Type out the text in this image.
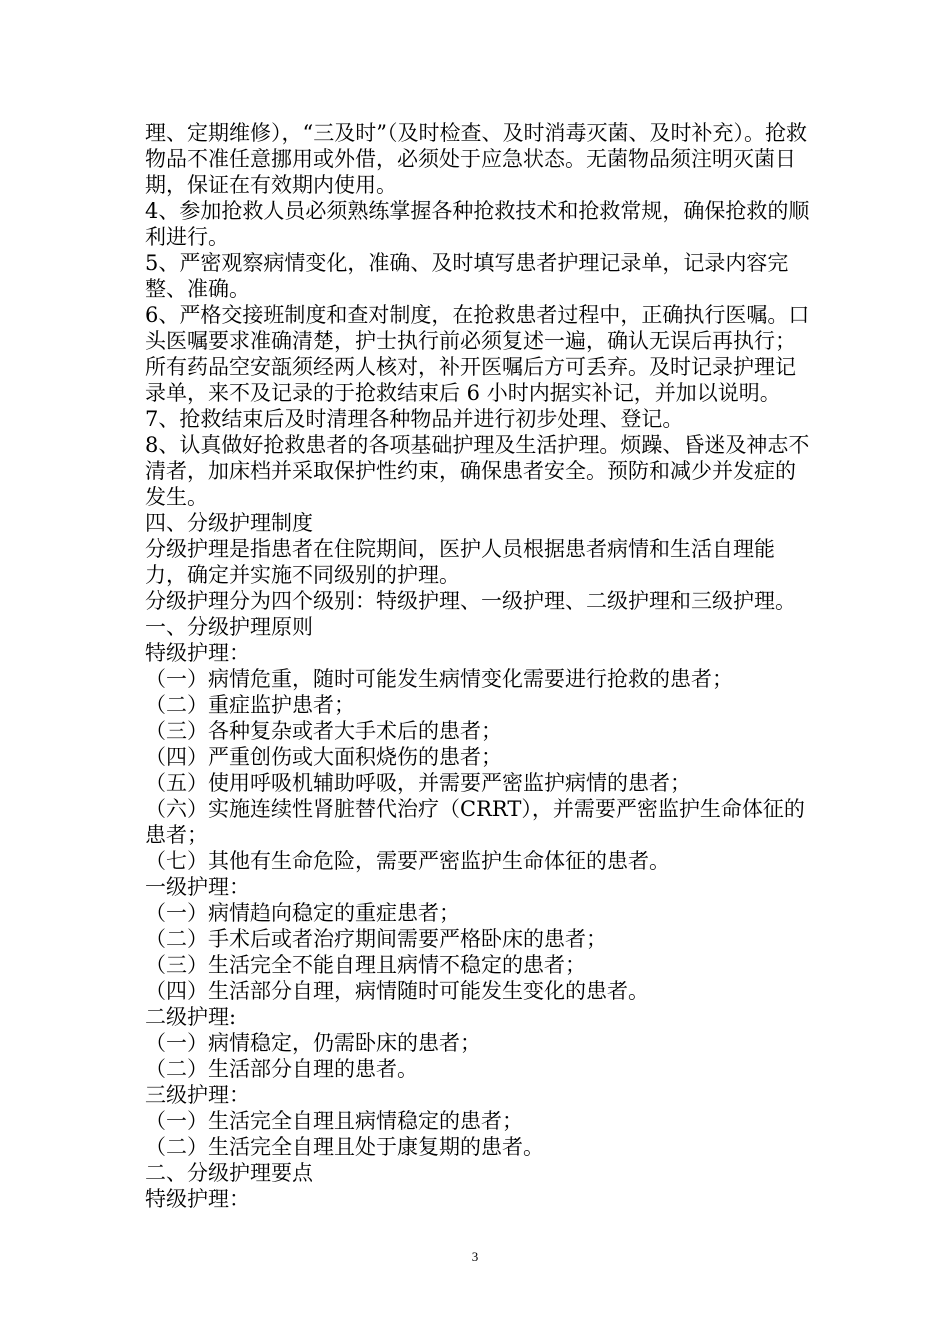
理、定期维修），“三及时”（及时检查、及时消毒灭菌、及时补充）。抢救物品不准任意挪用或外借，必须处于应急状态。无菌物品须注明灭菌日期，保证在有效期内使用。

4、参加抢救人员必须熟练掌握各种抢救技术和抢救常规，确保抢救的顺利进行。

5、严密观察病情变化，准确、及时填写患者护理记录单，记录内容完整、准确。

6、严格交接班制度和查对制度，在抢救患者过程中，正确执行医嘱。口头医嘱要求准确清楚，护士执行前必须复述一遍，确认无误后再执行；所有药品空安瓿须经两人核对，补开医嘱后方可丢弃。及时记录护理记录单，来不及记录的于抢救结束后 6 小时内据实补记，并加以说明。

7、抢救结束后及时清理各种物品并进行初步处理、登记。

8、认真做好抢救患者的各项基础护理及生活护理。烦躁、昏迷及神志不清者，加床档并采取保护性约束，确保患者安全。预防和减少并发症的发生。

四、分级护理制度

分级护理是指患者在住院期间，医护人员根据患者病情和生活自理能力，确定并实施不同级别的护理。

分级护理分为四个级别：特级护理、一级护理、二级护理和三级护理。

一、分级护理原则

特级护理：

（一）病情危重，随时可能发生病情变化需要进行抢救的患者；

（二）重症监护患者；

（三）各种复杂或者大手术后的患者；

（四）严重创伤或大面积烧伤的患者；

（五）使用呼吸机辅助呼吸，并需要严密监护病情的患者；

（六）实施连续性肾脏替代治疗（CRRT），并需要严密监护生命体征的患者；

（七）其他有生命危险，需要严密监护生命体征的患者。

一级护理：

（一）病情趋向稳定的重症患者；

（二）手术后或者治疗期间需要严格卧床的患者；

（三）生活完全不能自理且病情不稳定的患者；

（四）生活部分自理，病情随时可能发生变化的患者。

二级护理:

（一）病情稳定，仍需卧床的患者；

（二）生活部分自理的患者。

三级护理：

（一）生活完全自理且病情稳定的患者；

（二）生活完全自理且处于康复期的患者。

二、分级护理要点

特级护理：

3
